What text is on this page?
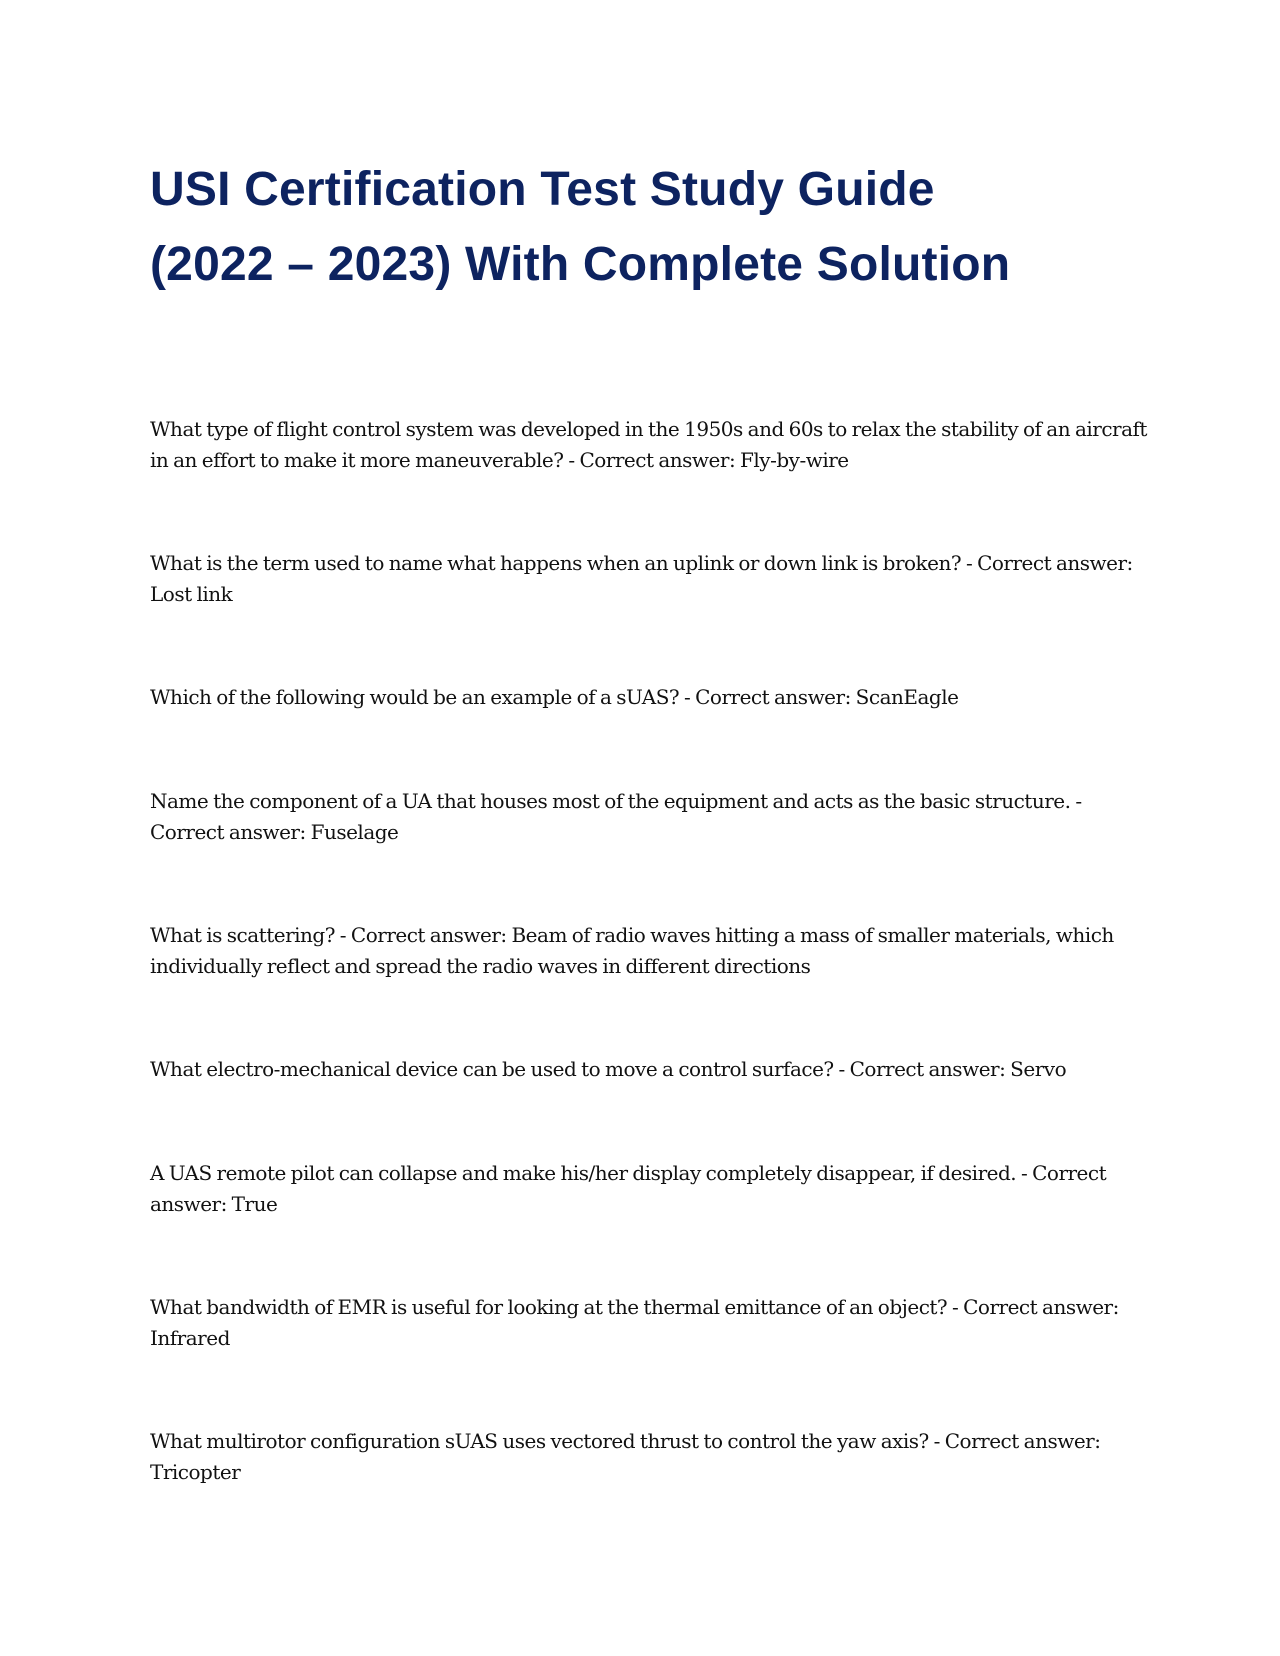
USI Certification Test Study Guide
(2022 – 2023) With Complete Solution

What type of flight control system was developed in the 1950s and 60s to relax the stability of an aircraft in an effort to make it more maneuverable? - Correct answer: Fly-by-wire

What is the term used to name what happens when an uplink or down link is broken? - Correct answer: Lost link

Which of the following would be an example of a sUAS? - Correct answer: ScanEagle

Name the component of a UA that houses most of the equipment and acts as the basic structure. - Correct answer: Fuselage

What is scattering? - Correct answer: Beam of radio waves hitting a mass of smaller materials, which individually reflect and spread the radio waves in different directions

What electro-mechanical device can be used to move a control surface? - Correct answer: Servo

A UAS remote pilot can collapse and make his/her display completely disappear, if desired. - Correct answer: True

What bandwidth of EMR is useful for looking at the thermal emittance of an object? - Correct answer: Infrared

What multirotor configuration sUAS uses vectored thrust to control the yaw axis? - Correct answer: Tricopter
